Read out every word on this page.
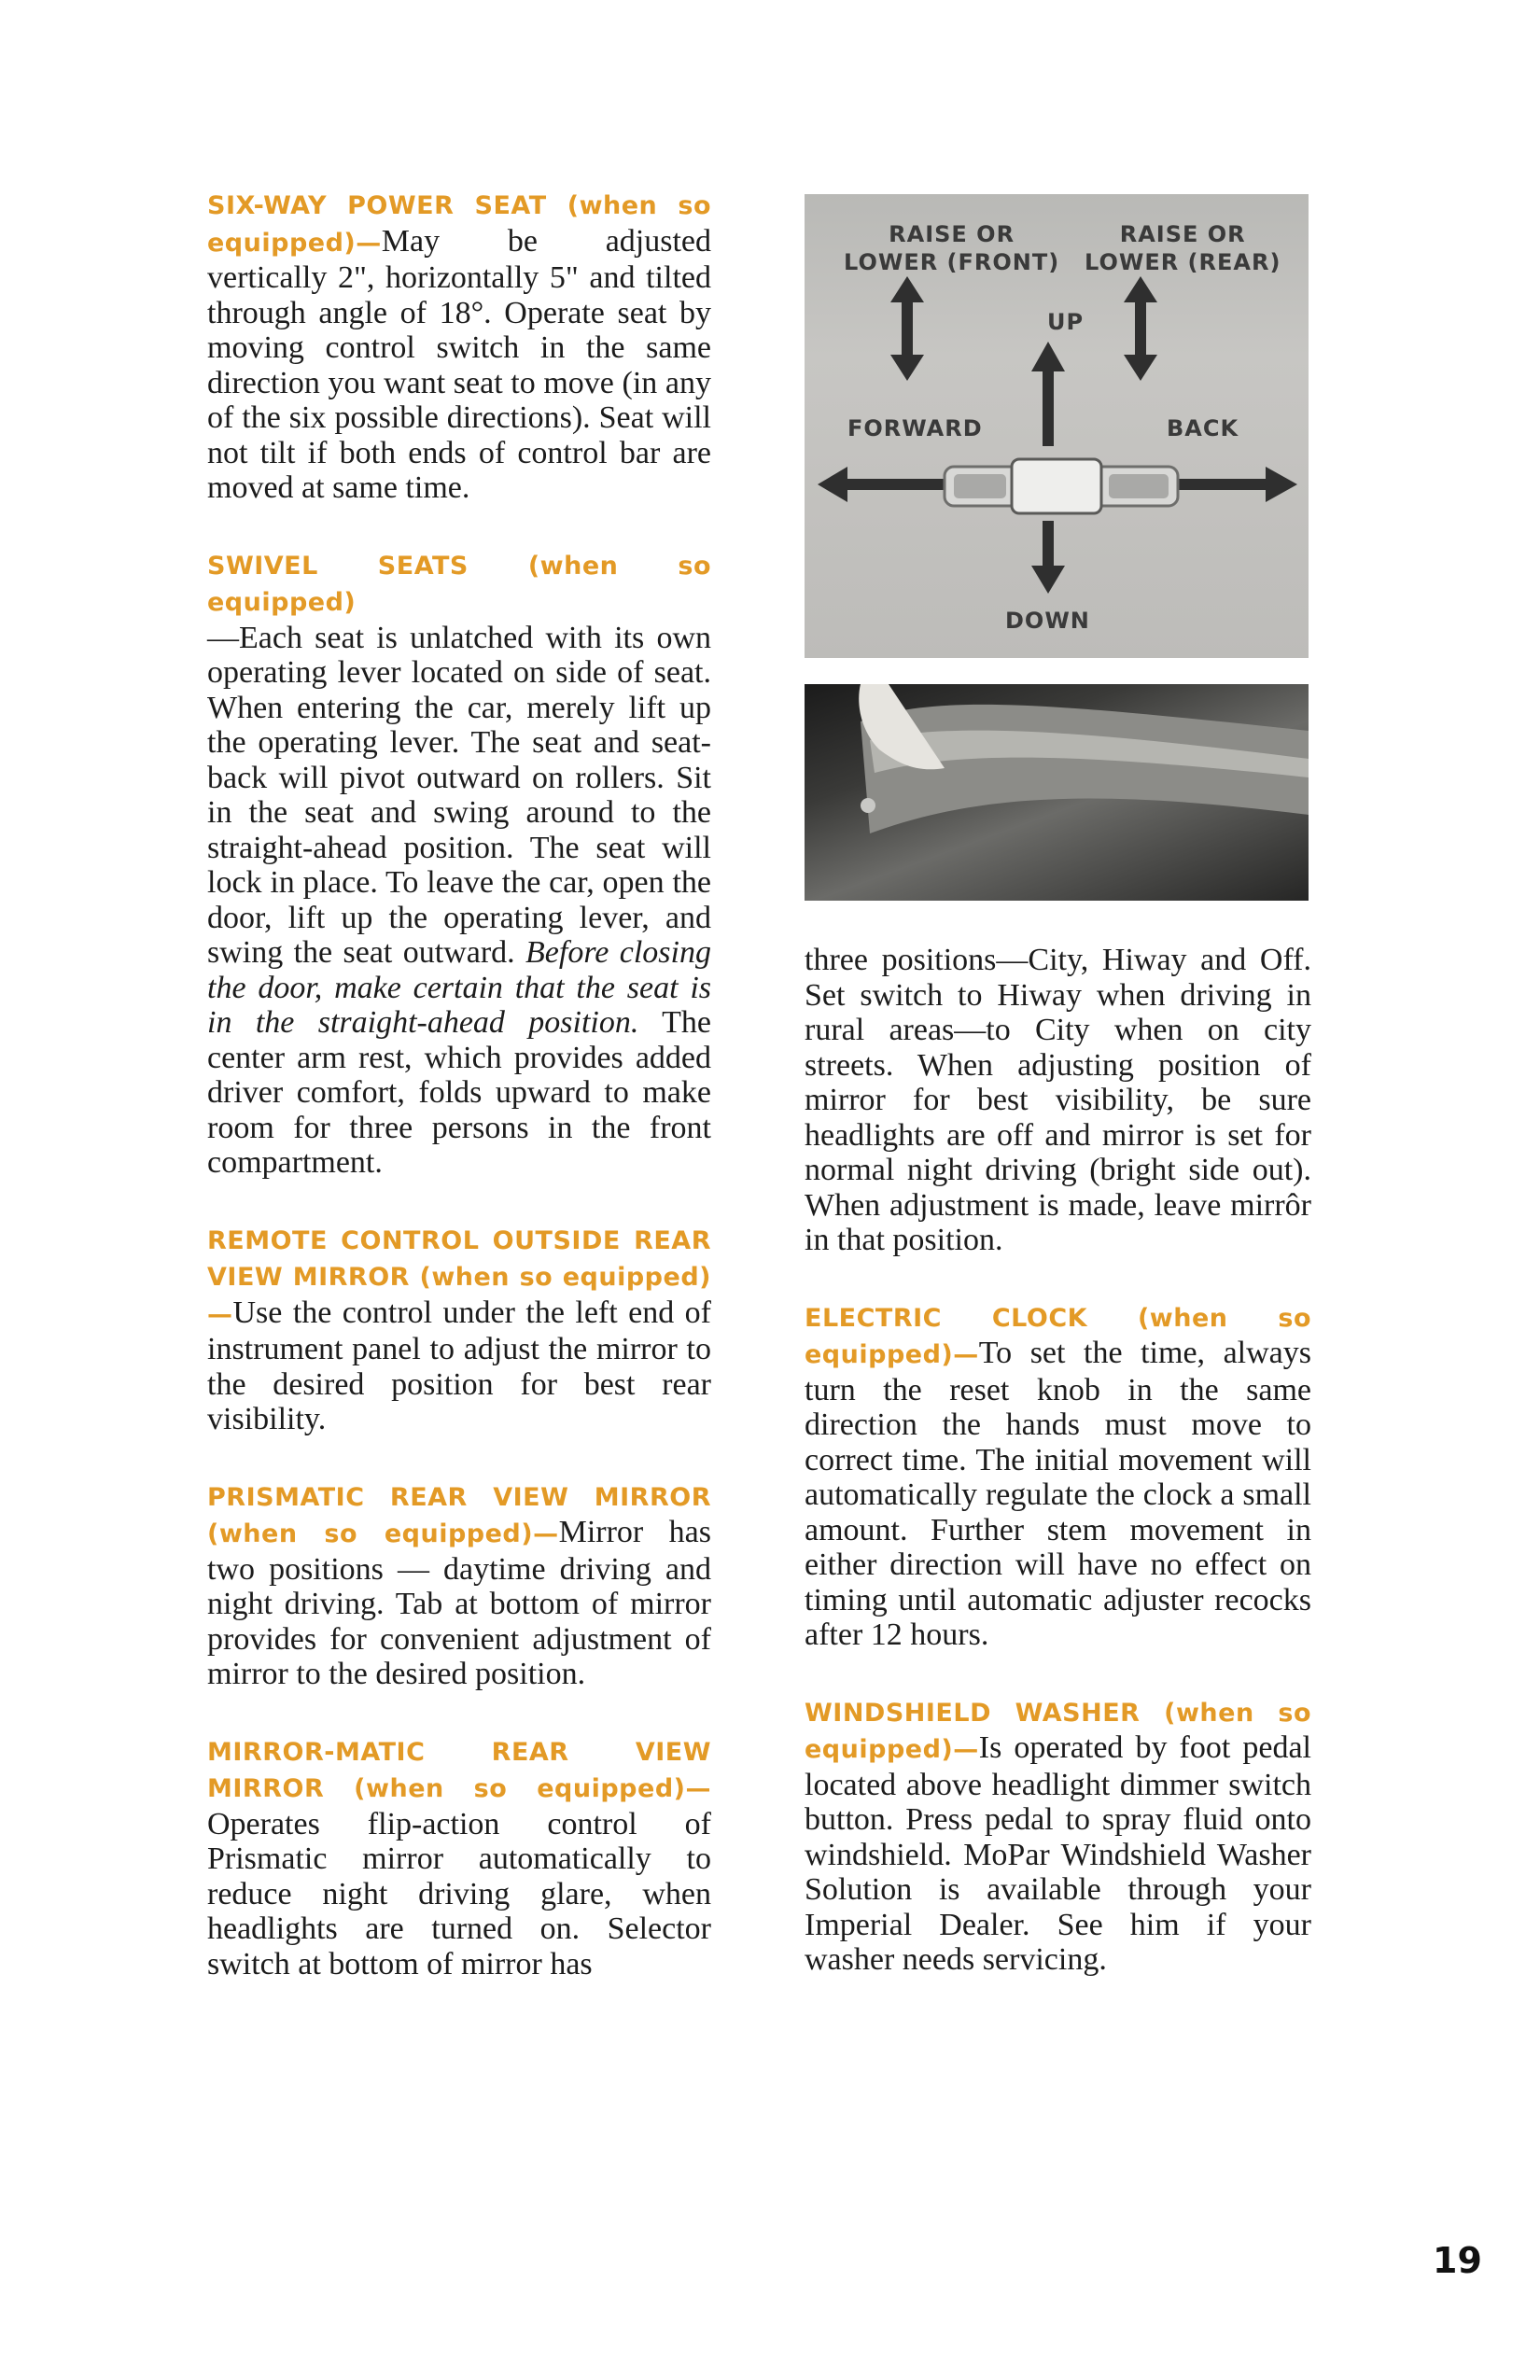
SIX-WAY POWER SEAT (when so equipped)—May be adjusted vertically 2", horizontally 5" and tilted through angle of 18°. Operate seat by moving control switch in the same direction you want seat to move (in any of the six possible directions). Seat will not tilt if both ends of control bar are moved at same time.

SWIVEL SEATS (when so equipped)
—Each seat is unlatched with its own operating lever located on side of seat. When entering the car, merely lift up the operating lever. The seat and seat-back will pivot outward on rollers. Sit in the seat and swing around to the straight-ahead position. The seat will lock in place. To leave the car, open the door, lift up the operating lever, and swing the seat outward. Before closing the door, make certain that the seat is in the straight-ahead position. The center arm rest, which provides added driver comfort, folds upward to make room for three persons in the front compartment.

REMOTE CONTROL OUTSIDE REAR VIEW MIRROR (when so equipped)—Use the control under the left end of instrument panel to adjust the mirror to the desired position for best rear visibility.

PRISMATIC REAR VIEW MIRROR (when so equipped)—Mirror has two positions — daytime driving and night driving. Tab at bottom of mirror provides for convenient adjustment of mirror to the desired position.

MIRROR-MATIC REAR VIEW MIRROR (when so equipped)—Operates flip-action control of Prismatic mirror automatically to reduce night driving glare, when headlights are turned on. Selector switch at bottom of mirror has

RAISE OR
LOWER (FRONT)
RAISE OR
LOWER (REAR)
UP
FORWARD	BACK
DOWN

three positions—City, Hiway and Off. Set switch to Hiway when driving in rural areas—to City when on city streets. When adjusting position of mirror for best visibility, be sure headlights are off and mirror is set for normal night driving (bright side out). When adjustment is made, leave mirrôr in that position.

ELECTRIC CLOCK (when so equipped)—To set the time, always turn the reset knob in the same direction the hands must move to correct time. The initial movement will automatically regulate the clock a small amount. Further stem movement in either direction will have no effect on timing until automatic adjuster recocks after 12 hours.

WINDSHIELD WASHER (when so equipped)—Is operated by foot pedal located above headlight dimmer switch button. Press pedal to spray fluid onto windshield. MoPar Windshield Washer Solution is available through your Imperial Dealer. See him if your washer needs servicing.

19
